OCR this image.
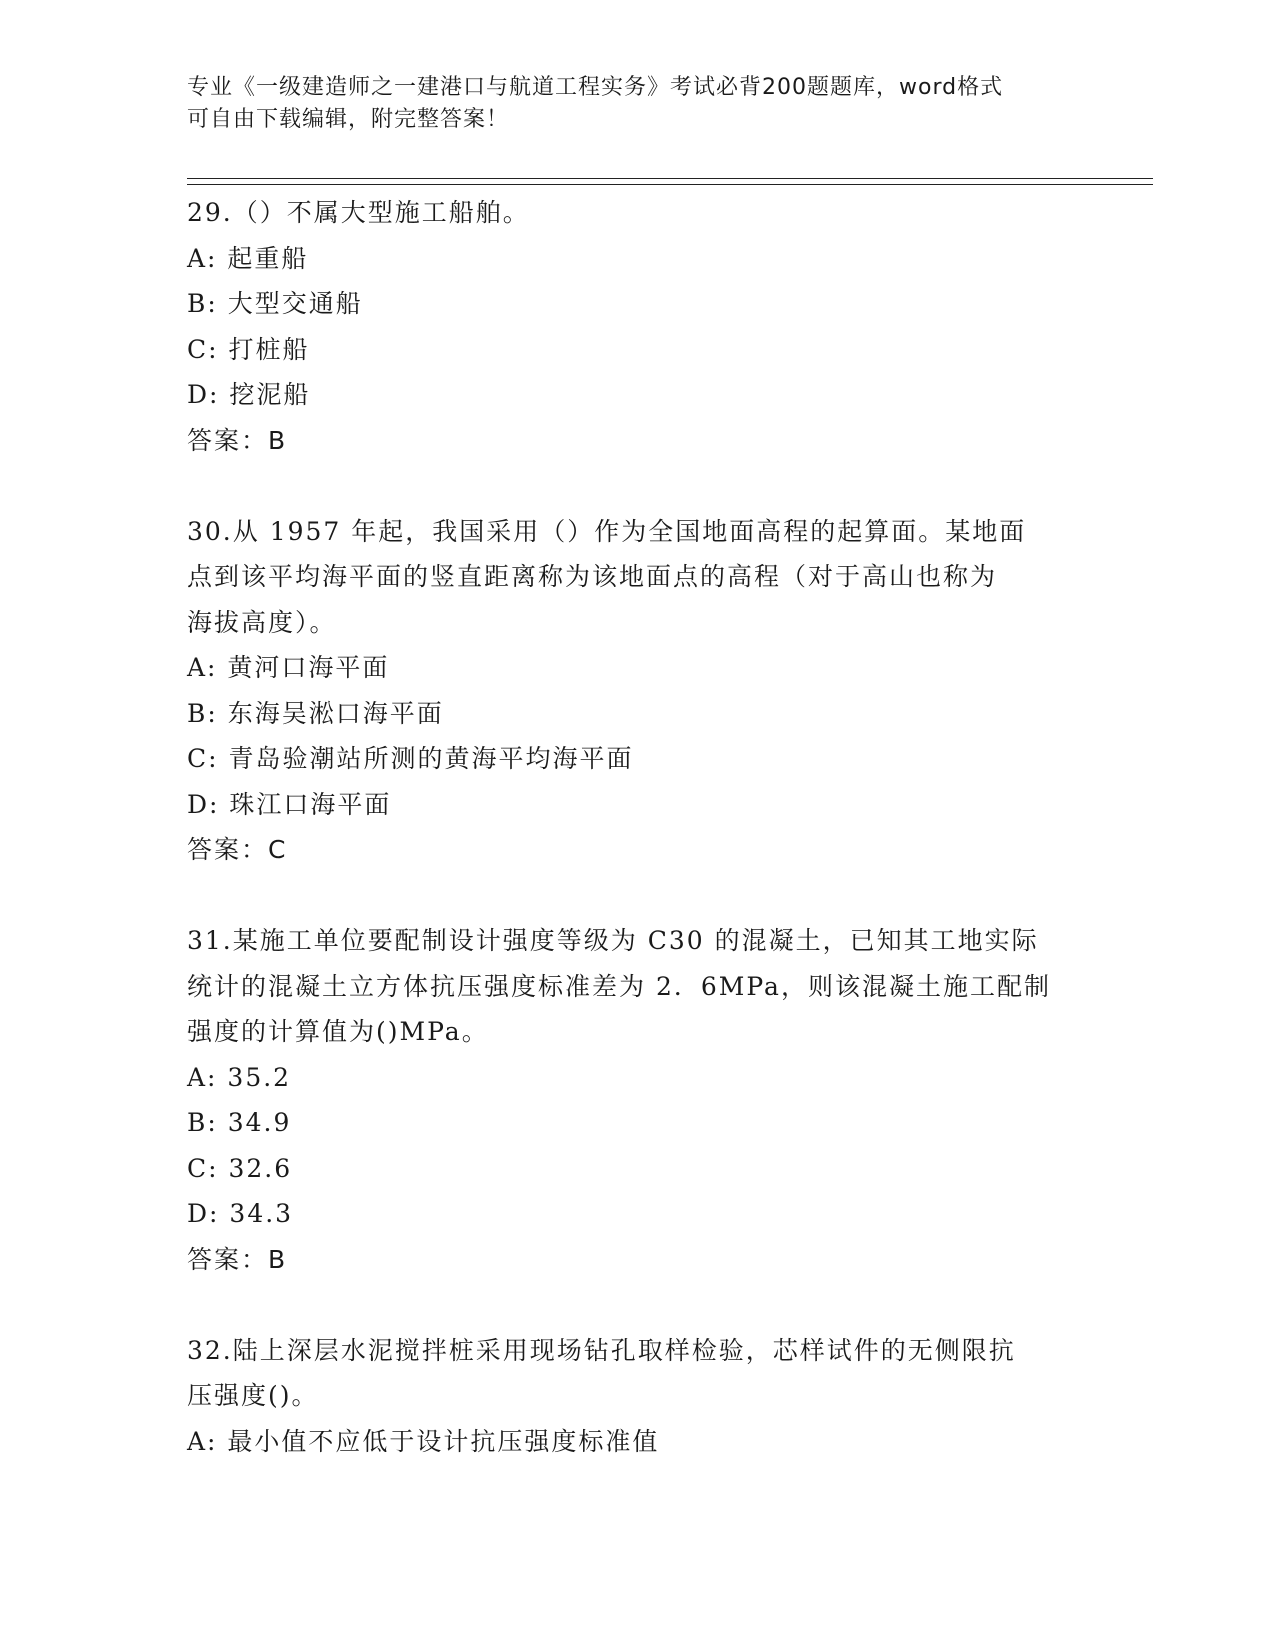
专业《一级建造师之一建港口与航道工程实务》考试必背200题题库，word格式
可自由下载编辑，附完整答案！
29.（）不属大型施工船舶。
A: 起重船
B: 大型交通船
C: 打桩船
D: 挖泥船
答案：B
30.从 1957 年起，我国采用（）作为全国地面高程的起算面。某地面
点到该平均海平面的竖直距离称为该地面点的高程（对于高山也称为
海拔高度）。
A: 黄河口海平面
B: 东海吴淞口海平面
C: 青岛验潮站所测的黄海平均海平面
D: 珠江口海平面
答案：C
31.某施工单位要配制设计强度等级为 C30 的混凝土，已知其工地实际
统计的混凝土立方体抗压强度标准差为 2．6MPa，则该混凝土施工配制
强度的计算值为()MPa。
A: 35.2
B: 34.9
C: 32.6
D: 34.3
答案：B
32.陆上深层水泥搅拌桩采用现场钻孔取样检验，芯样试件的无侧限抗
压强度()。
A: 最小值不应低于设计抗压强度标准值
